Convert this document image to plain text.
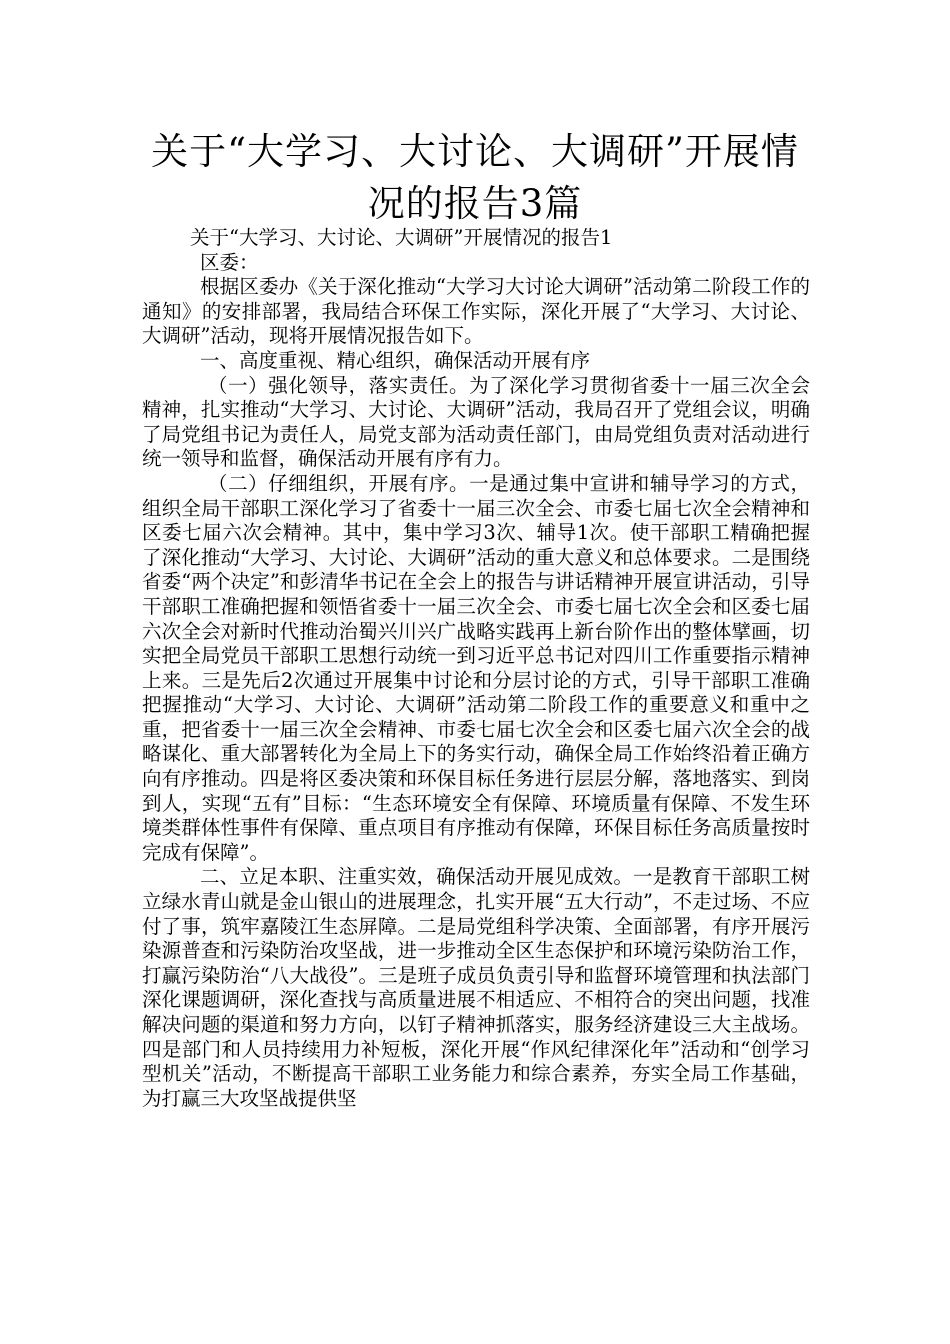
关于“大学习、大讨论、大调研”开展情
况的报告3篇

关于“大学习、大讨论、大调研”开展情况的报告1

区委：

根据区委办《关于深化推动“大学习大讨论大调研”活动第二阶段工作的通知》的安排部署，我局结合环保工作实际，深化开展了“大学习、大讨论、大调研”活动，现将开展情况报告如下。

一、高度重视、精心组织，确保活动开展有序

（一）强化领导，落实责任。为了深化学习贯彻省委十一届三次全会精神，扎实推动“大学习、大讨论、大调研”活动，我局召开了党组会议，明确了局党组书记为责任人，局党支部为活动责任部门，由局党组负责对活动进行统一领导和监督，确保活动开展有序有力。

（二）仔细组织，开展有序。一是通过集中宣讲和辅导学习的方式，组织全局干部职工深化学习了省委十一届三次全会、市委七届七次全会精神和区委七届六次会精神。其中，集中学习3次、辅导1次。使干部职工精确把握了深化推动“大学习、大讨论、大调研”活动的重大意义和总体要求。二是围绕省委“两个决定”和彭清华书记在全会上的报告与讲话精神开展宣讲活动，引导干部职工准确把握和领悟省委十一届三次全会、市委七届七次全会和区委七届六次全会对新时代推动治蜀兴川兴广战略实践再上新台阶作出的整体擘画，切实把全局党员干部职工思想行动统一到习近平总书记对四川工作重要指示精神上来。三是先后2次通过开展集中讨论和分层讨论的方式，引导干部职工准确把握推动“大学习、大讨论、大调研”活动第二阶段工作的重要意义和重中之重，把省委十一届三次全会精神、市委七届七次全会和区委七届六次全会的战略谋化、重大部署转化为全局上下的务实行动，确保全局工作始终沿着正确方向有序推动。四是将区委决策和环保目标任务进行层层分解，落地落实、到岗到人，实现“五有”目标：“生态环境安全有保障、环境质量有保障、不发生环境类群体性事件有保障、重点项目有序推动有保障，环保目标任务高质量按时完成有保障”。

二、立足本职、注重实效，确保活动开展见成效。一是教育干部职工树立绿水青山就是金山银山的进展理念，扎实开展“五大行动”，不走过场、不应付了事，筑牢嘉陵江生态屏障。二是局党组科学决策、全面部署，有序开展污染源普查和污染防治攻坚战，进一步推动全区生态保护和环境污染防治工作，打赢污染防治“八大战役”。三是班子成员负责引导和监督环境管理和执法部门深化课题调研，深化查找与高质量进展不相适应、不相符合的突出问题，找准解决问题的渠道和努力方向，以钉子精神抓落实，服务经济建设三大主战场。四是部门和人员持续用力补短板，深化开展“作风纪律深化年”活动和“创学习型机关”活动，不断提高干部职工业务能力和综合素养，夯实全局工作基础，为打赢三大攻坚战提供坚
